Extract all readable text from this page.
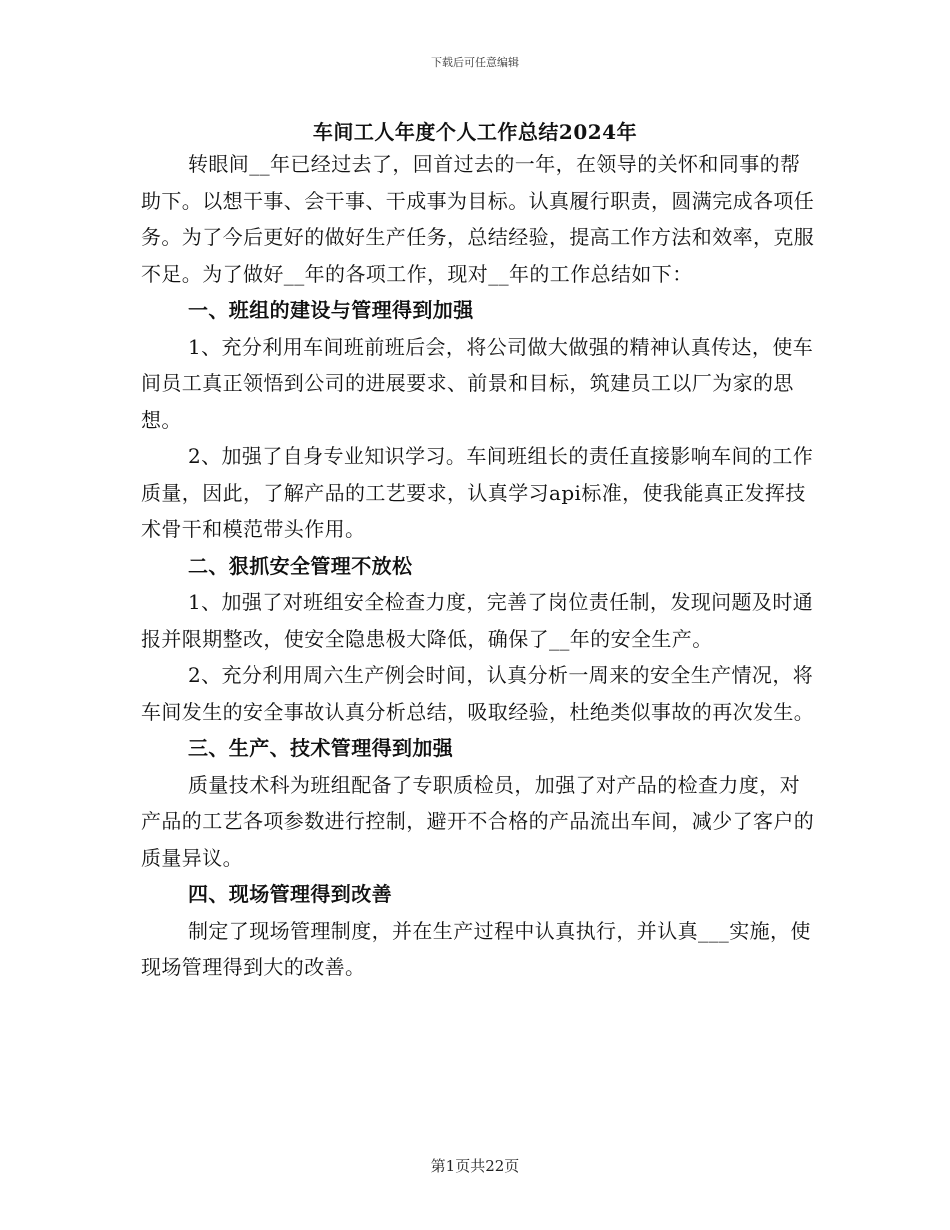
下载后可任意编辑
车间工人年度个人工作总结2024年

转眼间__年已经过去了，回首过去的一年，在领导的关怀和同事的帮助下。以想干事、会干事、干成事为目标。认真履行职责，圆满完成各项任务。为了今后更好的做好生产任务，总结经验，提高工作方法和效率，克服不足。为了做好__年的各项工作，现对__年的工作总结如下：

一、班组的建设与管理得到加强

1、充分利用车间班前班后会，将公司做大做强的精神认真传达，使车间员工真正领悟到公司的进展要求、前景和目标，筑建员工以厂为家的思想。

2、加强了自身专业知识学习。车间班组长的责任直接影响车间的工作质量，因此，了解产品的工艺要求，认真学习api标准，使我能真正发挥技术骨干和模范带头作用。

二、狠抓安全管理不放松

1、加强了对班组安全检查力度，完善了岗位责任制，发现问题及时通报并限期整改，使安全隐患极大降低，确保了__年的安全生产。

2、充分利用周六生产例会时间，认真分析一周来的安全生产情况，将车间发生的安全事故认真分析总结，吸取经验，杜绝类似事故的再次发生。

三、生产、技术管理得到加强

质量技术科为班组配备了专职质检员，加强了对产品的检查力度，对产品的工艺各项参数进行控制，避开不合格的产品流出车间，减少了客户的质量异议。

四、现场管理得到改善

制定了现场管理制度，并在生产过程中认真执行，并认真___实施，使现场管理得到大的改善。

第1页共22页
